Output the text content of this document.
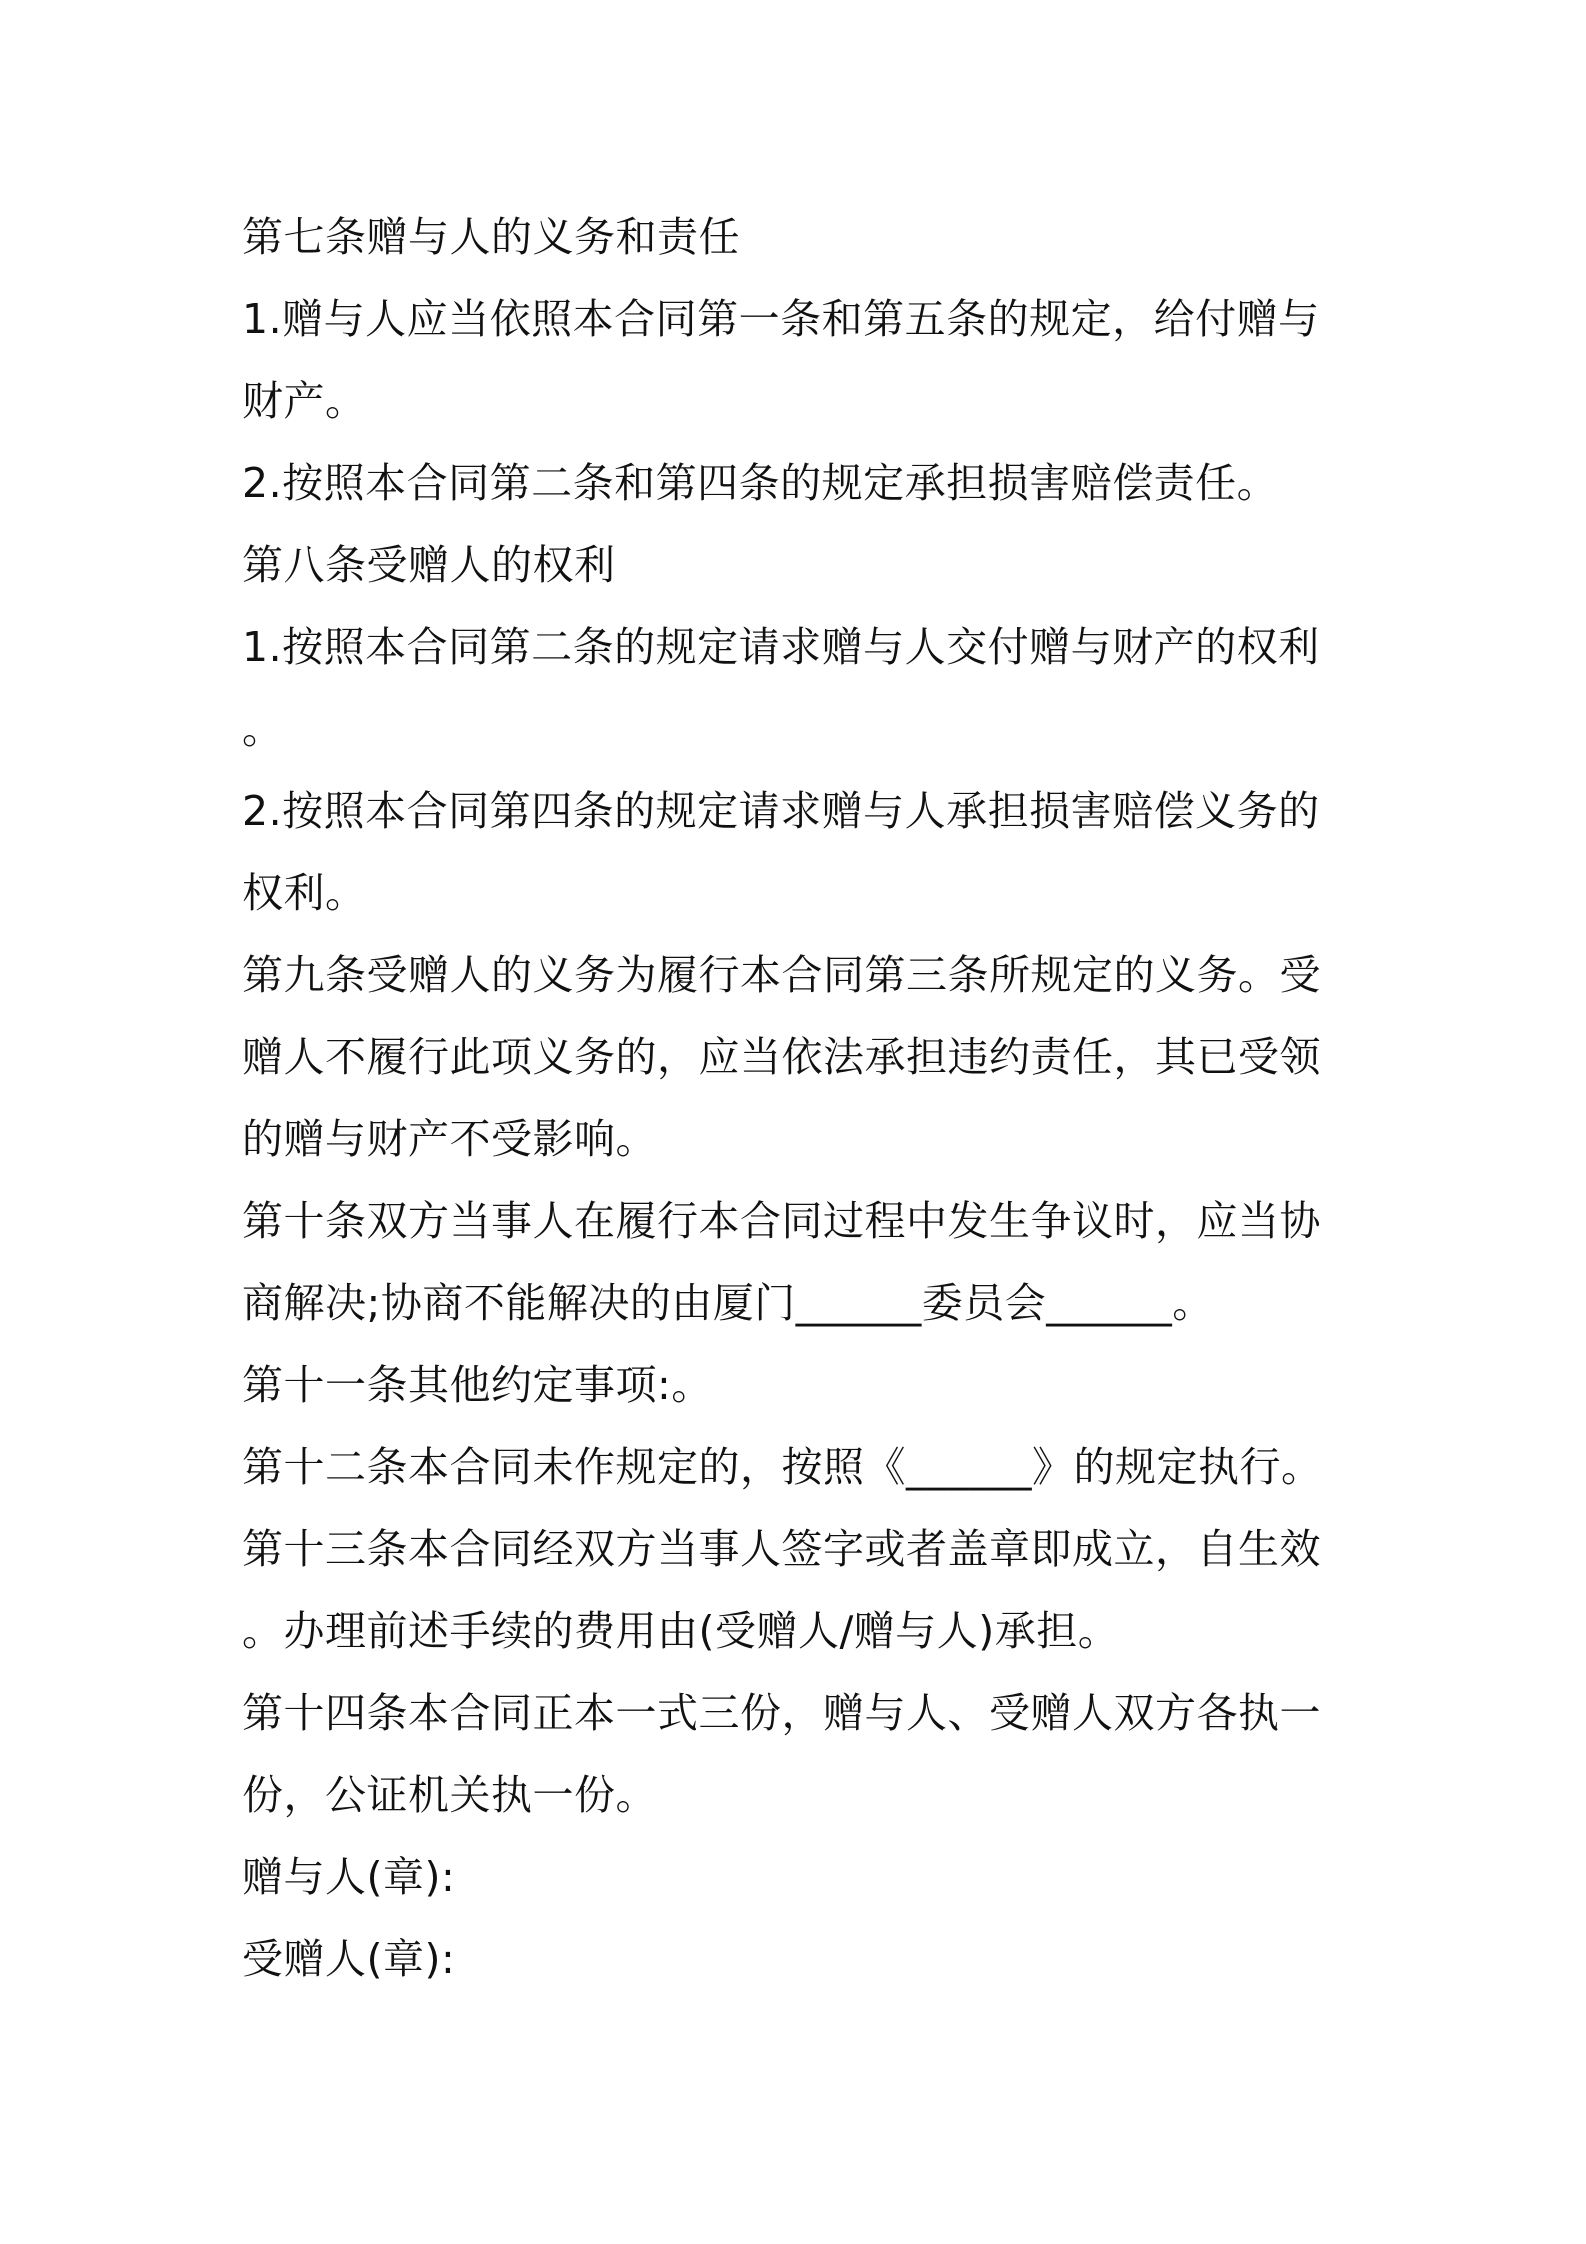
第七条赠与人的义务和责任
1.赠与人应当依照本合同第一条和第五条的规定，给付赠与
财产。
2.按照本合同第二条和第四条的规定承担损害赔偿责任。
第八条受赠人的权利
1.按照本合同第二条的规定请求赠与人交付赠与财产的权利
。
2.按照本合同第四条的规定请求赠与人承担损害赔偿义务的
权利。
第九条受赠人的义务为履行本合同第三条所规定的义务。受
赠人不履行此项义务的，应当依法承担违约责任，其已受领
的赠与财产不受影响。
第十条双方当事人在履行本合同过程中发生争议时，应当协
商解决;协商不能解决的由厦门______委员会______。
第十一条其他约定事项:。
第十二条本合同未作规定的，按照《______》的规定执行。
第十三条本合同经双方当事人签字或者盖章即成立，自生效
。办理前述手续的费用由(受赠人/赠与人)承担。
第十四条本合同正本一式三份，赠与人、受赠人双方各执一
份，公证机关执一份。
赠与人(章):
受赠人(章):
